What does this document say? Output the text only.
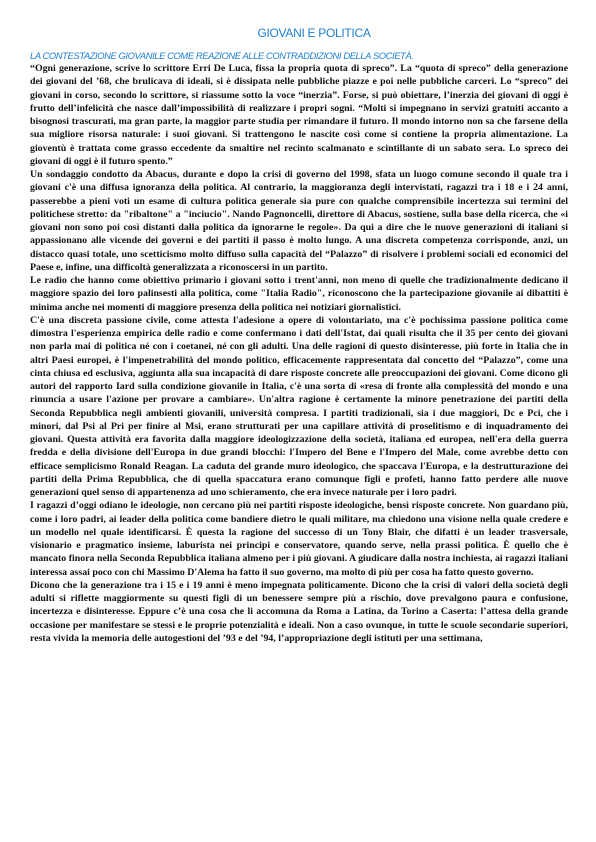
GIOVANI E POLITICA
LA CONTESTAZIONE GIOVANILE COME REAZIONE ALLE CONTRADDIZIONI DELLA SOCIETÀ.

“Ogni generazione, scrive lo scrittore Erri De Luca, fissa la propria quota di spreco”. La “quota di spreco” della generazione dei giovani del ’68, che brulicava di ideali, si è dissipata nelle pubbliche piazze e poi nelle pubbliche carceri. Lo “spreco” dei giovani in corso, secondo lo scrittore, si riassume sotto la voce “inerzia”. Forse, si può obiettare, l’inerzia dei giovani di oggi è frutto dell’infelicità che nasce dall’impossibilità di realizzare i propri sogni. “Molti si impegnano in servizi gratuiti accanto a bisognosi trascurati, ma gran parte, la maggior parte studia per rimandare il futuro. Il mondo intorno non sa che farsene della sua migliore risorsa naturale: i suoi giovani. Si trattengono le nascite così come si contiene la propria alimentazione. La gioventù è trattata come grasso eccedente da smaltire nel recinto scalmanato e scintillante di un sabato sera. Lo spreco dei giovani di oggi è il futuro spento.”

Un sondaggio condotto da Abacus, durante e dopo la crisi di governo del 1998, sfata un luogo comune secondo il quale tra i giovani c'è una diffusa ignoranza della politica. Al contrario, la maggioranza degli intervistati, ragazzi tra i 18 e i 24 anni, passerebbe a pieni voti un esame di cultura politica generale sia pure con qualche comprensibile incertezza sui termini del politichese stretto: da "ribaltone" a "inciucio". Nando Pagnoncelli, direttore di Abacus, sostiene, sulla base della ricerca, che «i giovani non sono poi così distanti dalla politica da ignorarne le regole». Da qui a dire che le nuove generazioni di italiani si appassionano alle vicende dei governi e dei partiti il passo è molto lungo. A una discreta competenza corrisponde, anzi, un distacco quasi totale, uno scetticismo molto diffuso sulla capacità del “Palazzo” di risolvere i problemi sociali ed economici del Paese e, infine, una difficoltà generalizzata a riconoscersi in un partito.

Le radio che hanno come obiettivo primario i giovani sotto i trent'anni, non meno di quelle che tradizionalmente dedicano il maggiore spazio dei loro palinsesti alla politica, come "Italia Radio", riconoscono che la partecipazione giovanile ai dibattiti è minima anche nei momenti di maggiore presenza della politica nei notiziari giornalistici.

C'è una discreta passione civile, come attesta l'adesione a opere di volontariato, ma c'è pochissima passione politica come dimostra l'esperienza empirica delle radio e come confermano i dati dell'Istat, dai quali risulta che il 35 per cento dei giovani non parla mai di politica né con i coetanei, né con gli adulti. Una delle ragioni di questo disinteresse, più forte in Italia che in altri Paesi europei, è l'impenetrabilità del mondo politico, efficacemente rappresentata dal concetto del “Palazzo”, come una cinta chiusa ed esclusiva, aggiunta alla sua incapacità di dare risposte concrete alle preoccupazioni dei giovani. Come dicono gli autori del rapporto Iard sulla condizione giovanile in Italia, c'è una sorta di «resa di fronte alla complessità del mondo e una rinuncia a usare l'azione per provare a cambiare». Un'altra ragione è certamente la minore penetrazione dei partiti della Seconda Repubblica negli ambienti giovanili, università compresa. I partiti tradizionali, sia i due maggiori, Dc e Pci, che i minori, dal Psi al Pri per finire al Msi, erano strutturati per una capillare attività di proselitismo e di inquadramento dei giovani. Questa attività era favorita dalla maggiore ideologizzazione della società, italiana ed europea, nell'era della guerra fredda e della divisione dell'Europa in due grandi blocchi: l'Impero del Bene e l'Impero del Male, come avrebbe detto con efficace semplicismo Ronald Reagan. La caduta del grande muro ideologico, che spaccava l'Europa, e la destrutturazione dei partiti della Prima Repubblica, che di quella spaccatura erano comunque figli e profeti, hanno fatto perdere alle nuove generazioni quel senso di appartenenza ad uno schieramento, che era invece naturale per i loro padri.

I ragazzi d’oggi odiano le ideologie, non cercano più nei partiti risposte ideologiche, bensì risposte concrete. Non guardano più, come i loro padri, ai leader della politica come bandiere dietro le quali militare, ma chiedono una visione nella quale credere e un modello nel quale identificarsi. È questa la ragione del successo di un Tony Blair, che difatti è un leader trasversale, visionario e pragmatico insieme, laburista nei principi e conservatore, quando serve, nella prassi politica. È quello che è mancato finora nella Seconda Repubblica italiana almeno per i più giovani. A giudicare dalla nostra inchiesta, ai ragazzi italiani interessa assai poco con chi Massimo D'Alema ha fatto il suo governo, ma molto di più per cosa ha fatto questo governo.

Dicono che la generazione tra i 15 e i 19 anni è meno impegnata politicamente. Dicono che la crisi di valori della società degli adulti si riflette maggiormente su questi figli di un benessere sempre più a rischio, dove prevalgono paura e confusione, incertezza e disinteresse. Eppure c’è una cosa che li accomuna da Roma a Latina, da Torino a Caserta: l’attesa della grande occasione per manifestare se stessi e le proprie potenzialità e ideali. Non a caso ovunque, in tutte le scuole secondarie superiori, resta vivida la memoria delle autogestioni del ’93 e del ’94, l’appropriazione degli istituti per una settimana,
